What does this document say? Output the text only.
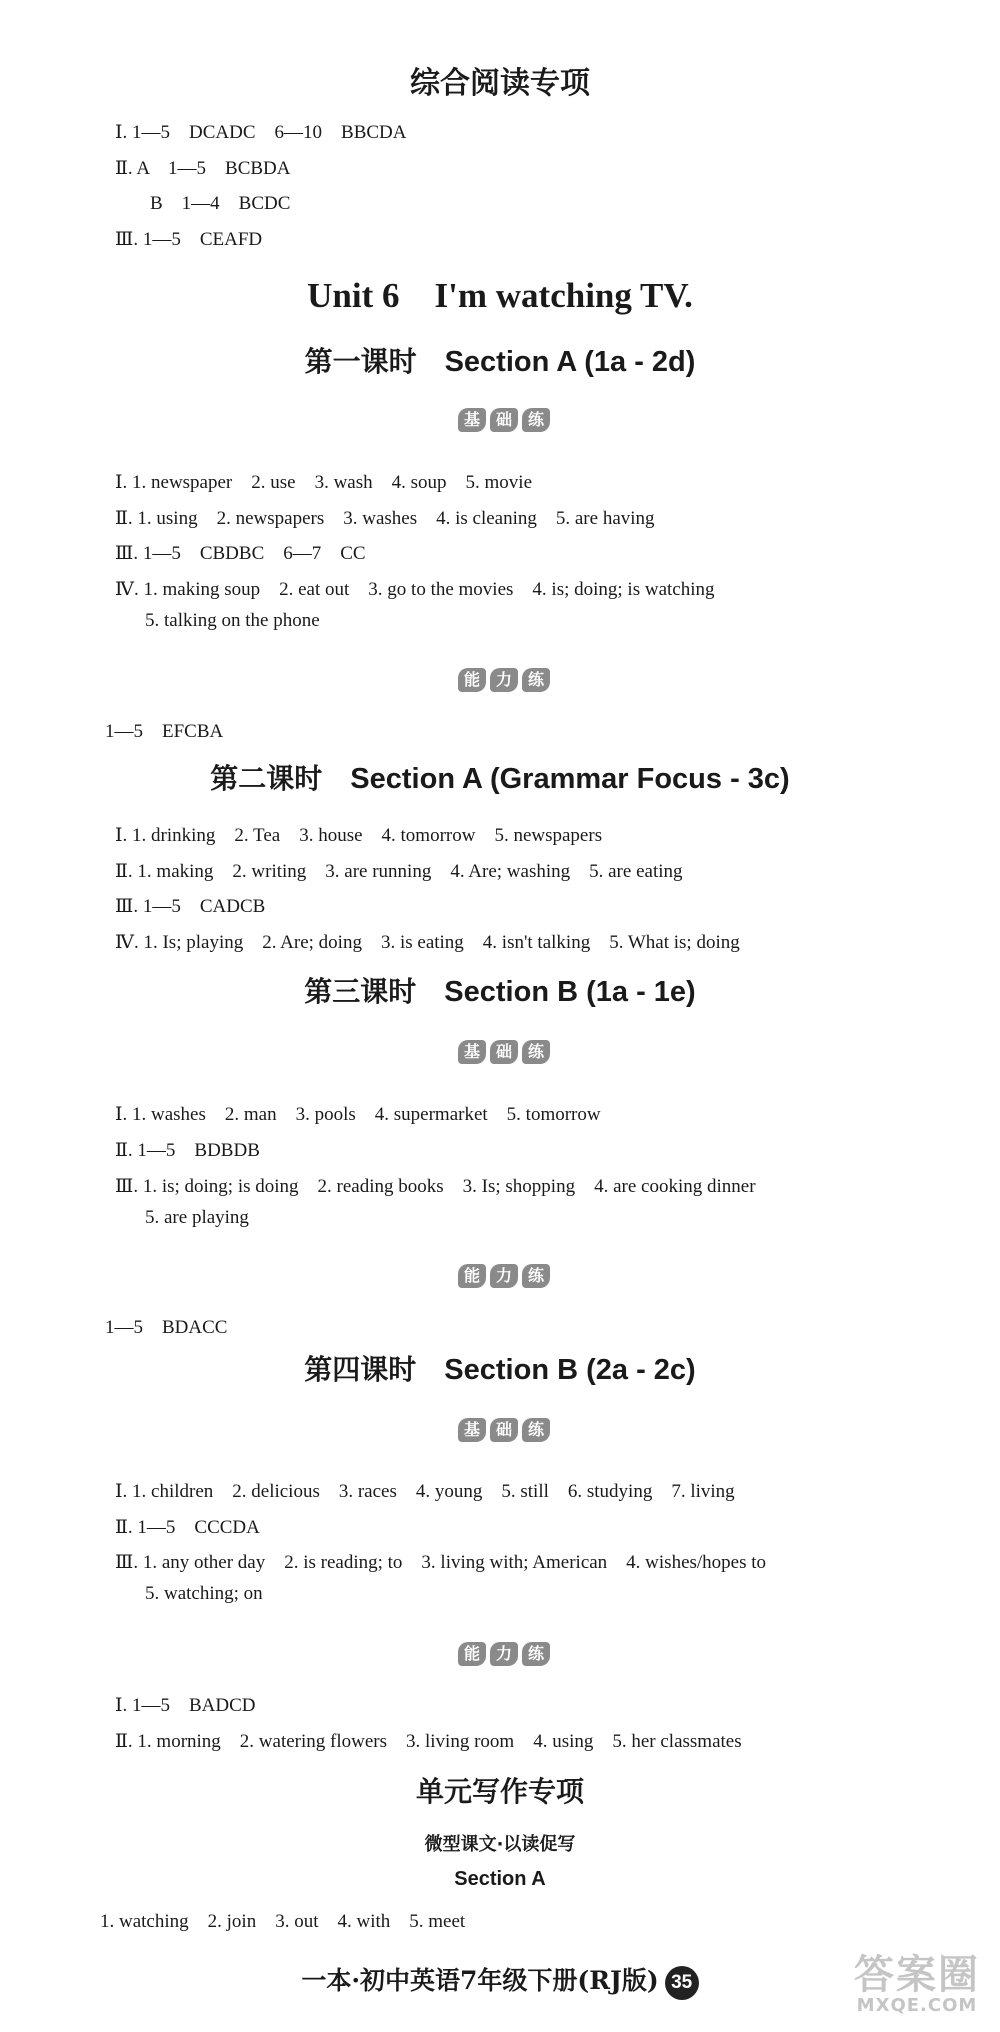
综合阅读专项
Ⅰ. 1—5　DCADC　6—10　BBCDA
Ⅱ. A　1—5　BCBDA
B　1—4　BCDC
Ⅲ. 1—5　CEAFD
Unit 6　I'm watching TV.
第一课时 Section A (1a - 2d)
基 础 练
Ⅰ. 1. newspaper　2. use　3. wash　4. soup　5. movie
Ⅱ. 1. using　2. newspapers　3. washes　4. is cleaning　5. are having
Ⅲ. 1—5　CBDBC　6—7　CC
Ⅳ. 1. making soup　2. eat out　3. go to the movies　4. is; doing; is watching
5. talking on the phone
能 力 练
1—5　EFCBA
第二课时 Section A (Grammar Focus - 3c)
Ⅰ. 1. drinking　2. Tea　3. house　4. tomorrow　5. newspapers
Ⅱ. 1. making　2. writing　3. are running　4. Are; washing　5. are eating
Ⅲ. 1—5　CADCB
Ⅳ. 1. Is; playing　2. Are; doing　3. is eating　4. isn't talking　5. What is; doing
第三课时 Section B (1a - 1e)
基 础 练
Ⅰ. 1. washes　2. man　3. pools　4. supermarket　5. tomorrow
Ⅱ. 1—5　BDBDB
Ⅲ. 1. is; doing; is doing　2. reading books　3. Is; shopping　4. are cooking dinner
5. are playing
能 力 练
1—5　BDACC
第四课时 Section B (2a - 2c)
基 础 练
Ⅰ. 1. children　2. delicious　3. races　4. young　5. still　6. studying　7. living
Ⅱ. 1—5　CCCDA
Ⅲ. 1. any other day　2. is reading; to　3. living with; American　4. wishes/hopes to
5. watching; on
能 力 练
Ⅰ. 1—5　BADCD
Ⅱ. 1. morning　2. watering flowers　3. living room　4. using　5. her classmates
单元写作专项
微型课文·以读促写
Section A
1. watching　2. join　3. out　4. with　5. meet
一本·初中英语7年级下册(RJ版) 35	答案圈
MXQE.COM
